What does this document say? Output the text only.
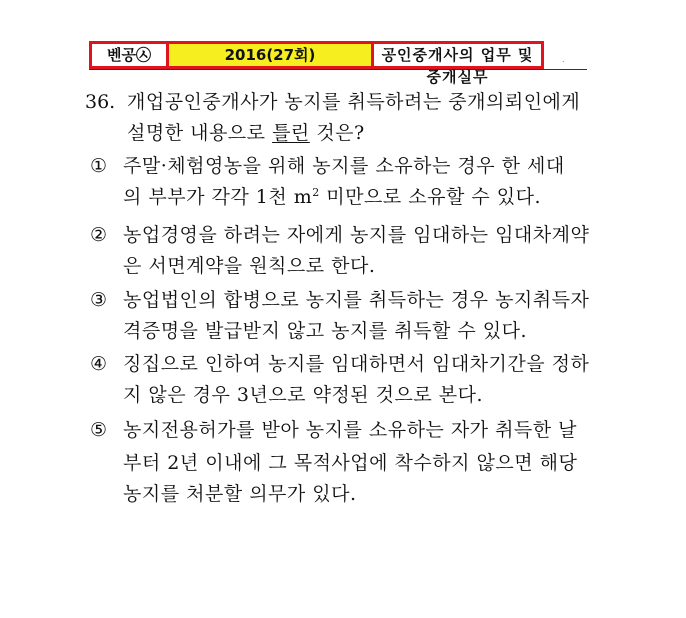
벤공㉦	2016(27회)	공인중개사의 업무 및 중개실무
.
36. 개업공인중개사가 농지를 취득하려는 중개의뢰인에게
설명한 내용으로 틀린 것은?
① 주말·체험영농을 위해 농지를 소유하는 경우 한 세대
의 부부가 각각 1천 $m^2$ 미만으로 소유할 수 있다.
② 농업경영을 하려는 자에게 농지를 임대하는 임대차계약
은 서면계약을 원칙으로 한다.
③ 농업법인의 합병으로 농지를 취득하는 경우 농지취득자
격증명을 발급받지 않고 농지를 취득할 수 있다.
④ 징집으로 인하여 농지를 임대하면서 임대차기간을 정하
지 않은 경우 3년으로 약정된 것으로 본다.
⑤ 농지전용허가를 받아 농지를 소유하는 자가 취득한 날
부터 2년 이내에 그 목적사업에 착수하지 않으면 해당
농지를 처분할 의무가 있다.
